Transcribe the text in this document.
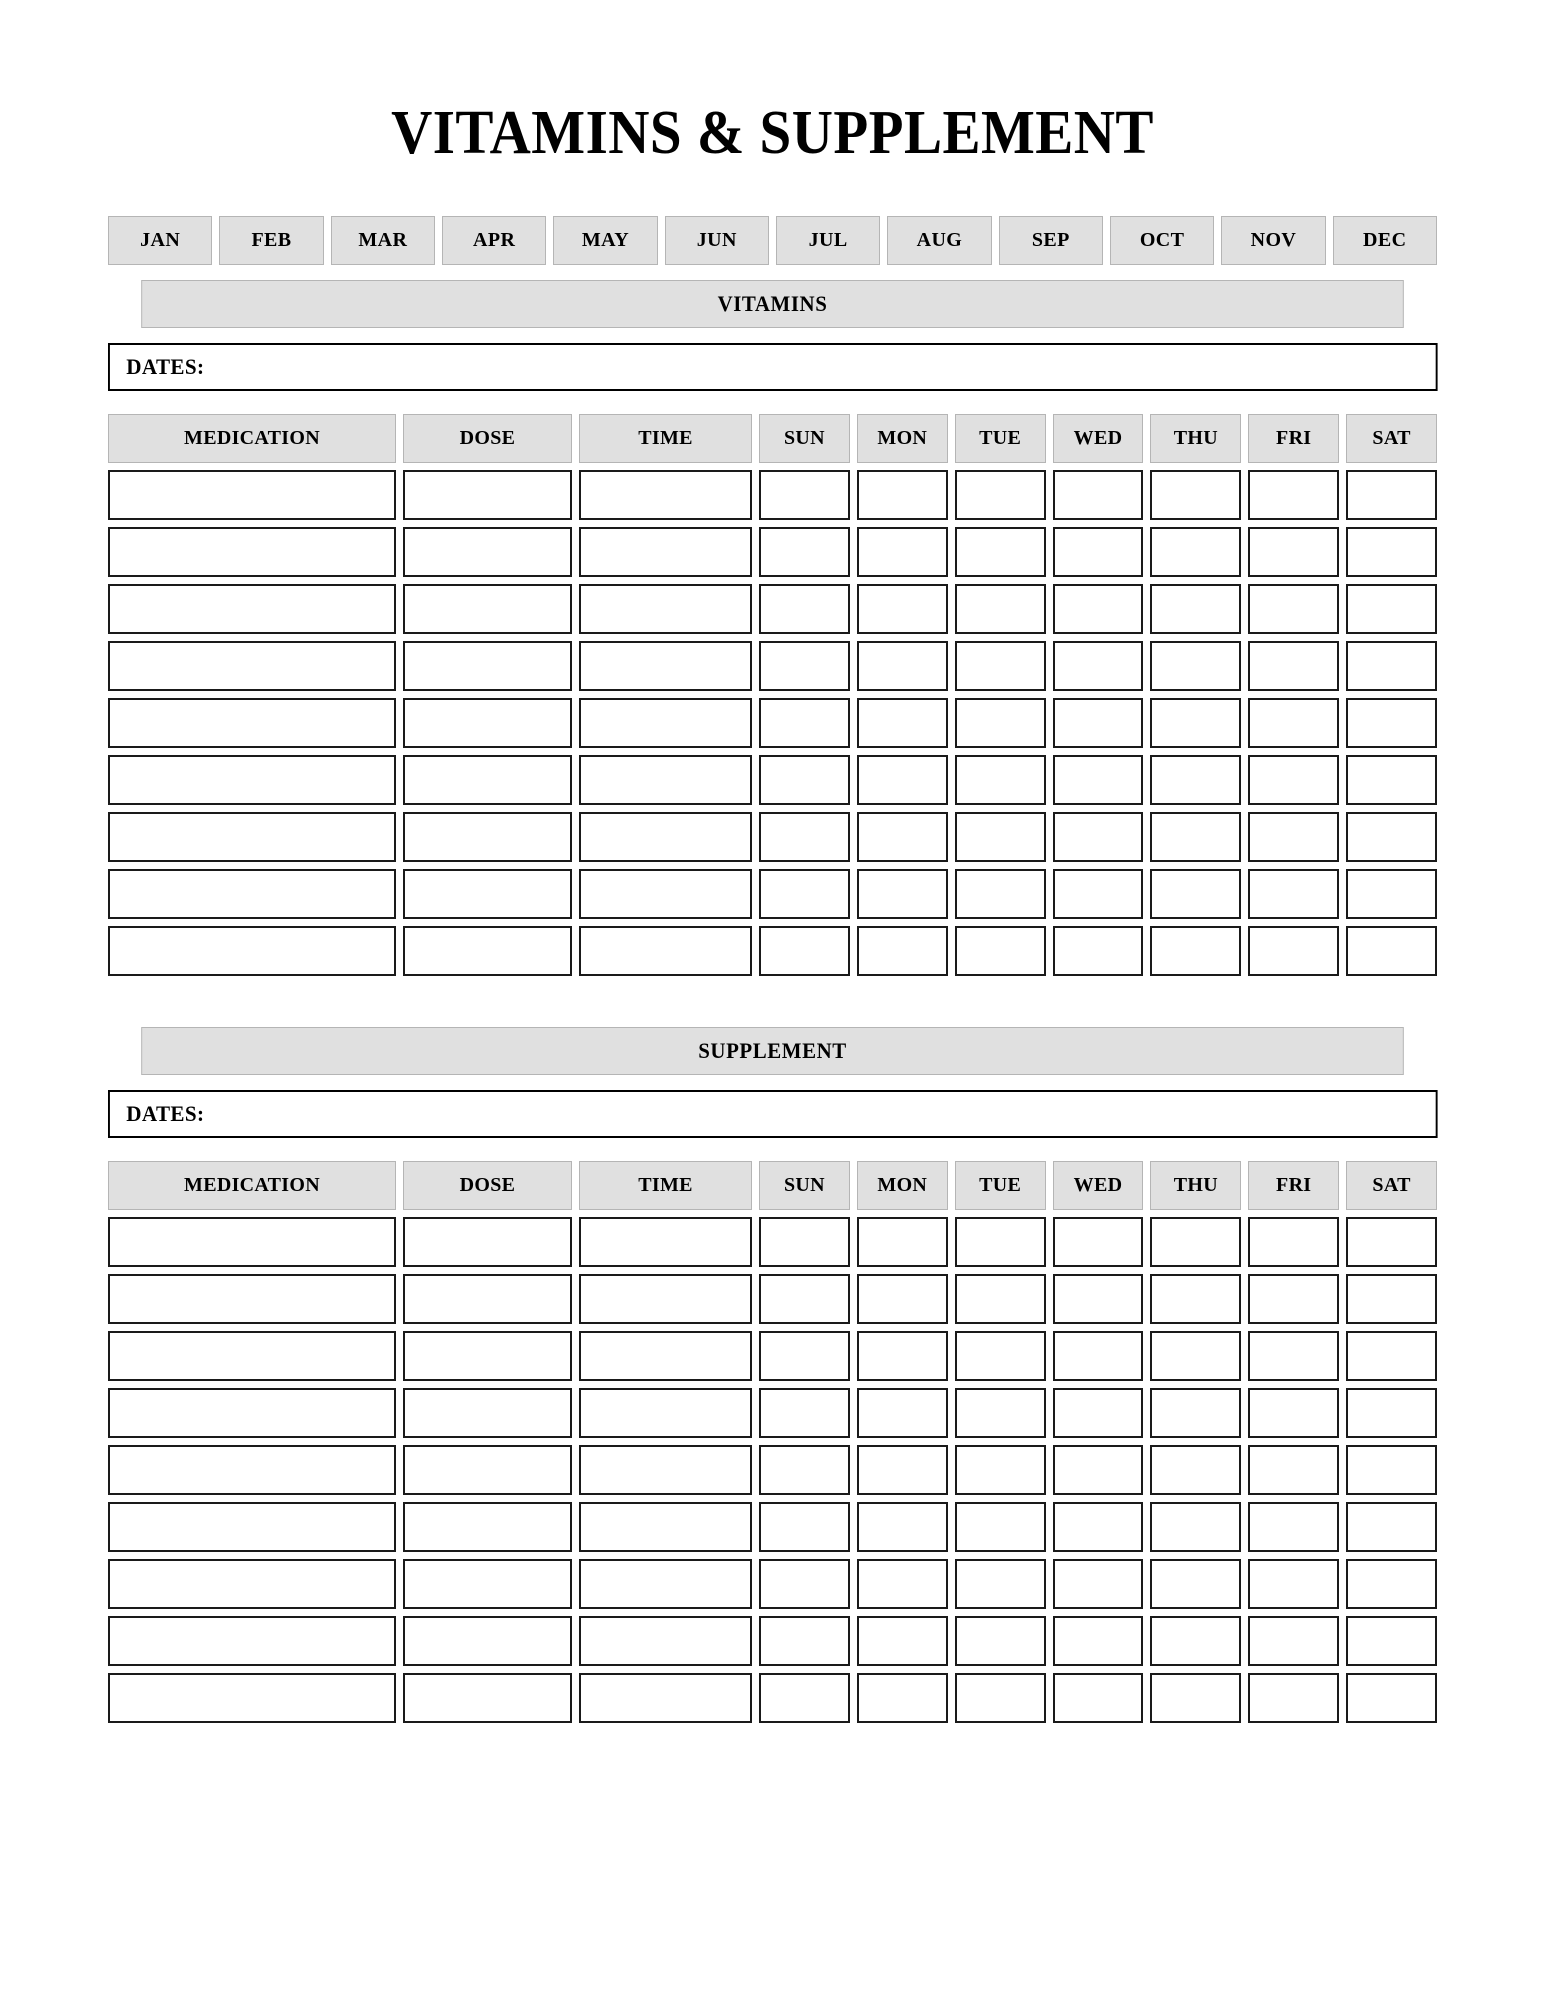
VITAMINS & SUPPLEMENT
JAN	FEB	MAR	APR	MAY	JUN	JUL	AUG	SEP	OCT	NOV	DEC
VITAMINS
DATES:
MEDICATION	DOSE	TIME	SUN	MON	TUE	WED	THU	FRI	SAT
SUPPLEMENT
DATES:
MEDICATION	DOSE	TIME	SUN	MON	TUE	WED	THU	FRI	SAT
